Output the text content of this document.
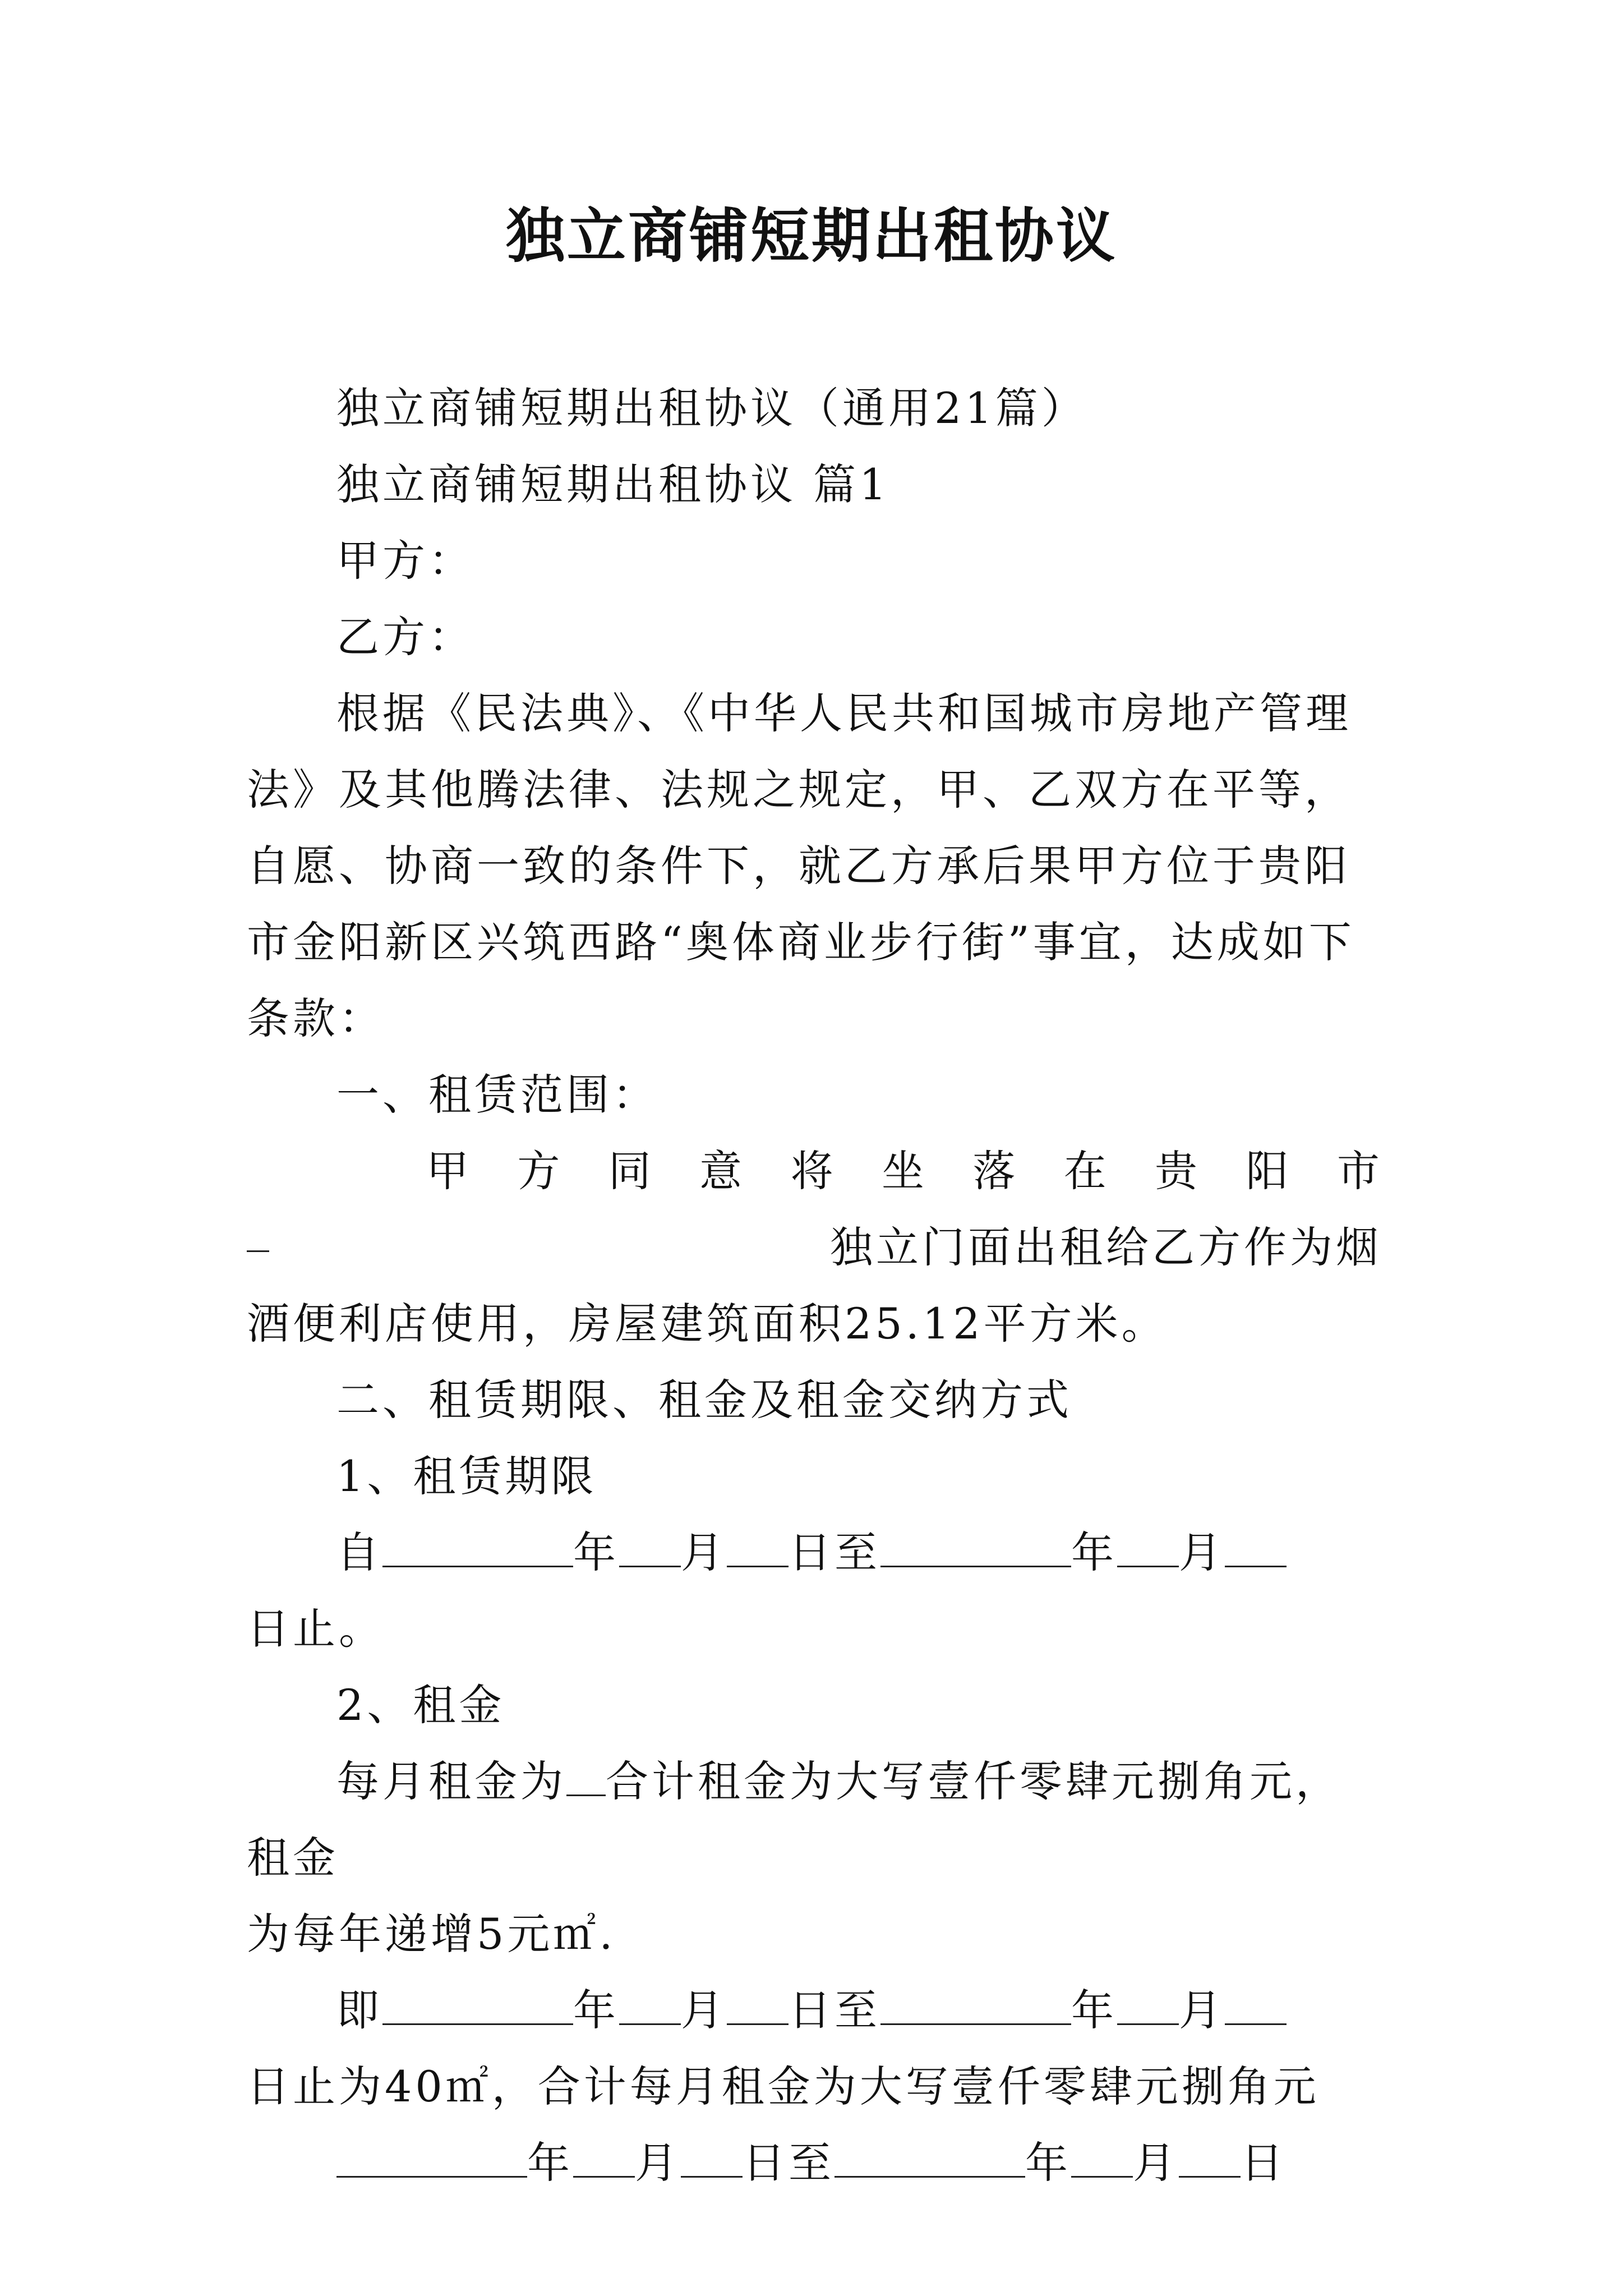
独立商铺短期出租协议

独立商铺短期出租协议（通用21篇）

独立商铺短期出租协议 篇1

甲方：

乙方：

根据《民法典》、《中华人民共和国城市房地产管理法》及其他腾法律、法规之规定，甲、乙双方在平等，自愿、协商一致的条件下，就乙方承后果甲方位于贵阳市金阳新区兴筑西路“奥体商业步行街”事宜，达成如下条款：

一、租赁范围：

甲 方 同 意 将 坐 落 在 贵 阳 市

独立门面出租给乙方作为烟

酒便利店使用，房屋建筑面积25.12平方米。

二、租赁期限、租金及租金交纳方式

1、租赁期限

自	年 月 日至	年 月

日止。

2、租金

每月租金为 合计租金为大写壹仟零肆元捌角元，租金

为每年递增5元㎡.

即	年 月 日至	年 月

日止为40㎡，合计每月租金为大写壹仟零肆元捌角元

年 月 日至	年 月 日
